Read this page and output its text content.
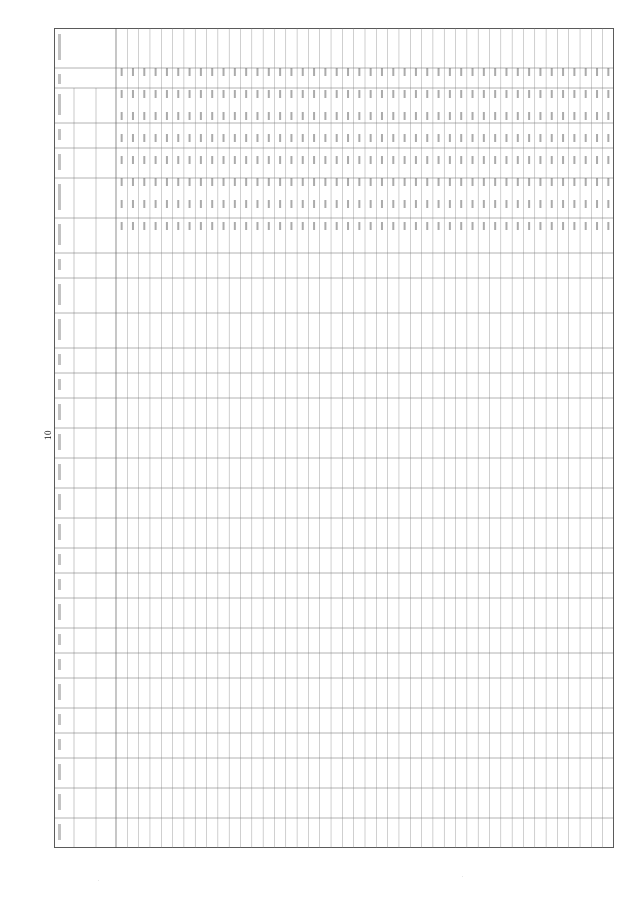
10
·
·
